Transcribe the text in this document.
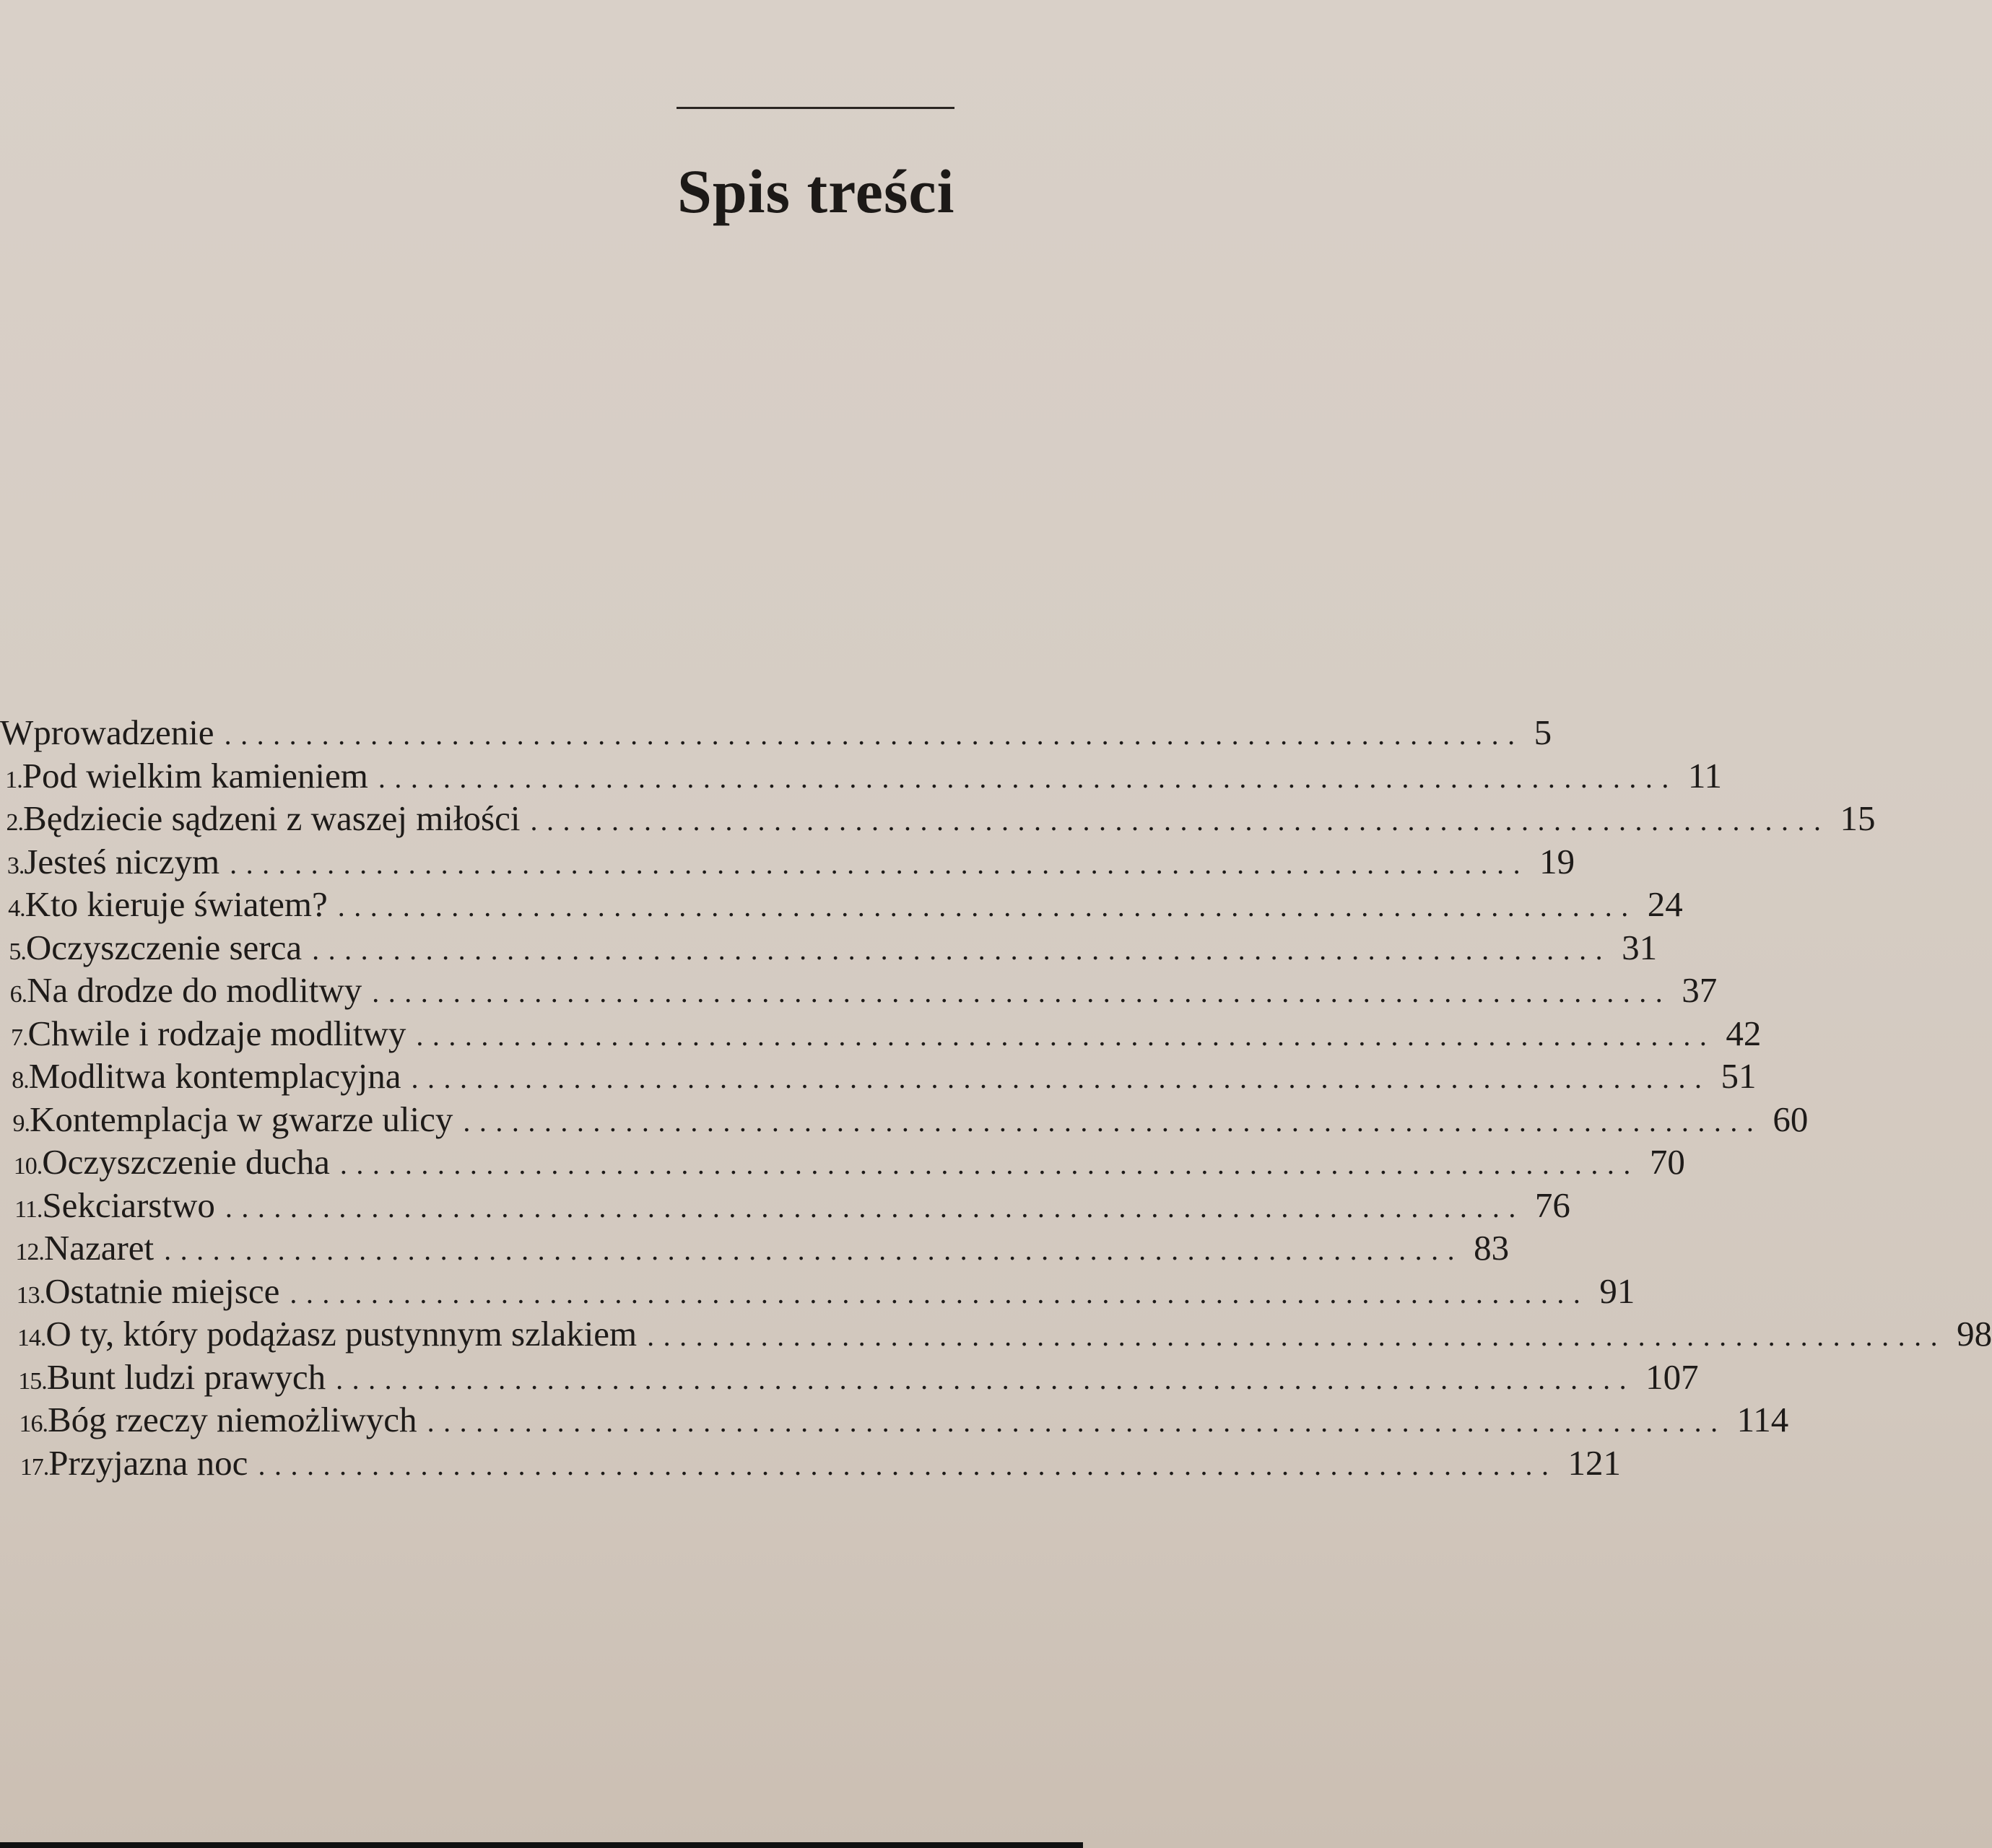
Spis treści
Wprowadzenie ................................................................................ 5
1. Pod wielkim kamieniem ................................................................................ 11
2. Będziecie sądzeni z waszej miłości ................................................................................ 15
3. Jesteś niczym ................................................................................ 19
4. Kto kieruje światem? ................................................................................ 24
5. Oczyszczenie serca ................................................................................ 31
6. Na drodze do modlitwy ................................................................................ 37
7. Chwile i rodzaje modlitwy ................................................................................ 42
8. Modlitwa kontemplacyjna ................................................................................ 51
9. Kontemplacja w gwarze ulicy ................................................................................ 60
10. Oczyszczenie ducha ................................................................................ 70
11. Sekciarstwo ................................................................................ 76
12. Nazaret ................................................................................ 83
13. Ostatnie miejsce ................................................................................ 91
14. O ty, który podążasz pustynnym szlakiem ................................................................................ 98
15. Bunt ludzi prawych ................................................................................ 107
16. Bóg rzeczy niemożliwych ................................................................................ 114
17. Przyjazna noc ................................................................................ 121
